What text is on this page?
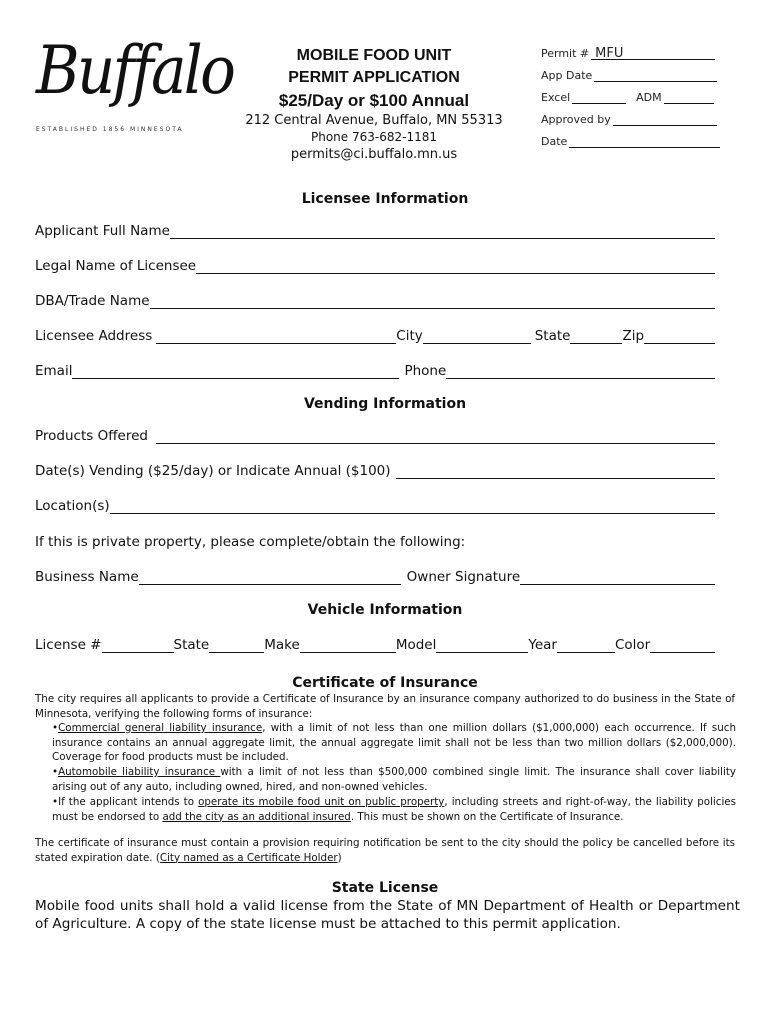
Buffalo
ESTABLISHED 1856 MINNESOTA
MOBILE FOOD UNIT
PERMIT APPLICATION
$25/Day or $100 Annual
212 Central Avenue, Buffalo, MN 55313
Phone 763-682-1181
permits@ci.buffalo.mn.us
Permit # MFU
App Date
Excel	ADM
Approved by
Date
Licensee Information
Applicant Full Name
Legal Name of Licensee
DBA/Trade Name
Licensee Address	City	State	Zip
Email	Phone
Vending Information
Products Offered
Date(s) Vending ($25/day) or Indicate Annual ($100)
Location(s)
If this is private property, please complete/obtain the following:
Business Name	Owner Signature
Vehicle Information
License #	State	Make	Model	Year	Color
Certificate of Insurance
The city requires all applicants to provide a Certificate of Insurance by an insurance company authorized to do business in the State of Minnesota, verifying the following forms of insurance:
•Commercial general liability insurance, with a limit of not less than one million dollars ($1,000,000) each occurrence. If such insurance contains an annual aggregate limit, the annual aggregate limit shall not be less than two million dollars ($2,000,000). Coverage for food products must be included.
•Automobile liability insurance with a limit of not less than $500,000 combined single limit. The insurance shall cover liability arising out of any auto, including owned, hired, and non-owned vehicles.
•If the applicant intends to operate its mobile food unit on public property, including streets and right-of-way, the liability policies must be endorsed to add the city as an additional insured. This must be shown on the Certificate of Insurance.
The certificate of insurance must contain a provision requiring notification be sent to the city should the policy be cancelled before its stated expiration date. (City named as a Certificate Holder)
State License
Mobile food units shall hold a valid license from the State of MN Department of Health or Department of Agriculture. A copy of the state license must be attached to this permit application.
